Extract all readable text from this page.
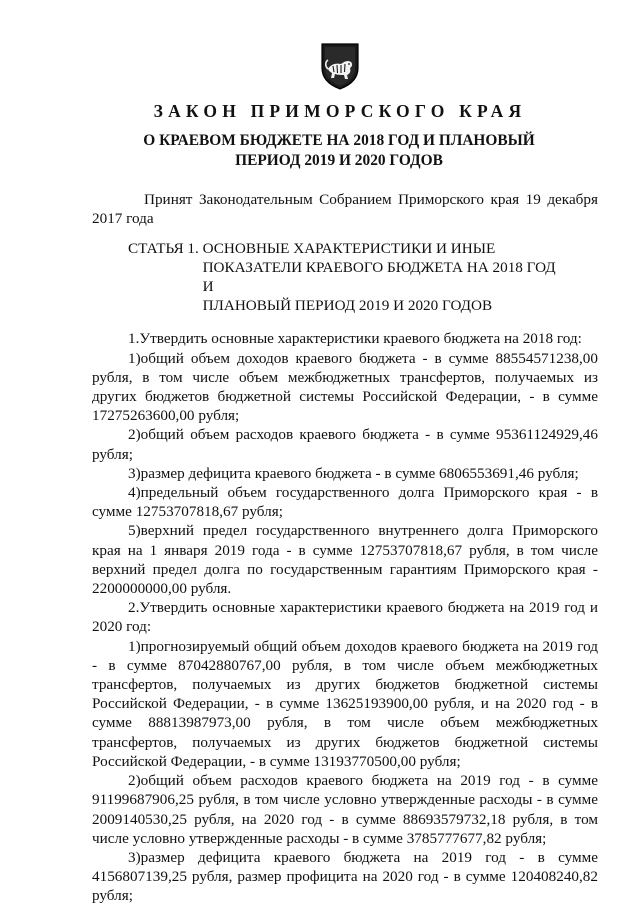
ЗАКОН ПРИМОРСКОГО КРАЯ
О КРАЕВОМ БЮДЖЕТЕ НА 2018 ГОД И ПЛАНОВЫЙ
ПЕРИОД 2019 И 2020 ГОДОВ

Принят Законодательным Собранием Приморского края 19 декабря 2017 года

СТАТЬЯ 1. ОСНОВНЫЕ ХАРАКТЕРИСТИКИ И ИНЫЕ
ПОКАЗАТЕЛИ КРАЕВОГО БЮДЖЕТА НА 2018 ГОД И
ПЛАНОВЫЙ ПЕРИОД 2019 И 2020 ГОДОВ

1.Утвердить основные характеристики краевого бюджета на 2018 год:

1)общий объем доходов краевого бюджета - в сумме 88554571238,00 рубля, в том числе объем межбюджетных трансфертов, получаемых из других бюджетов бюджетной системы Российской Федерации, - в сумме 17275263600,00 рубля;

2)общий объем расходов краевого бюджета - в сумме 95361124929,46 рубля;

3)размер дефицита краевого бюджета - в сумме 6806553691,46 рубля;

4)предельный объем государственного долга Приморского края - в сумме 12753707818,67 рубля;

5)верхний предел государственного внутреннего долга Приморского края на 1 января 2019 года - в сумме 12753707818,67 рубля, в том числе верхний предел долга по государственным гарантиям Приморского края - 2200000000,00 рубля.

2.Утвердить основные характеристики краевого бюджета на 2019 год и 2020 год:

1)прогнозируемый общий объем доходов краевого бюджета на 2019 год - в сумме 87042880767,00 рубля, в том числе объем межбюджетных трансфертов, получаемых из других бюджетов бюджетной системы Российской Федерации, - в сумме 13625193900,00 рубля, и на 2020 год - в сумме 88813987973,00 рубля, в том числе объем межбюджетных трансфертов, получаемых из других бюджетов бюджетной системы Российской Федерации, - в сумме 13193770500,00 рубля;

2)общий объем расходов краевого бюджета на 2019 год - в сумме 91199687906,25 рубля, в том числе условно утвержденные расходы - в сумме 2009140530,25 рубля, на 2020 год - в сумме 88693579732,18 рубля, в том числе условно утвержденные расходы - в сумме 3785777677,82 рубля;

3)размер дефицита краевого бюджета на 2019 год - в сумме 4156807139,25 рубля, размер профицита на 2020 год - в сумме 120408240,82 рубля;
